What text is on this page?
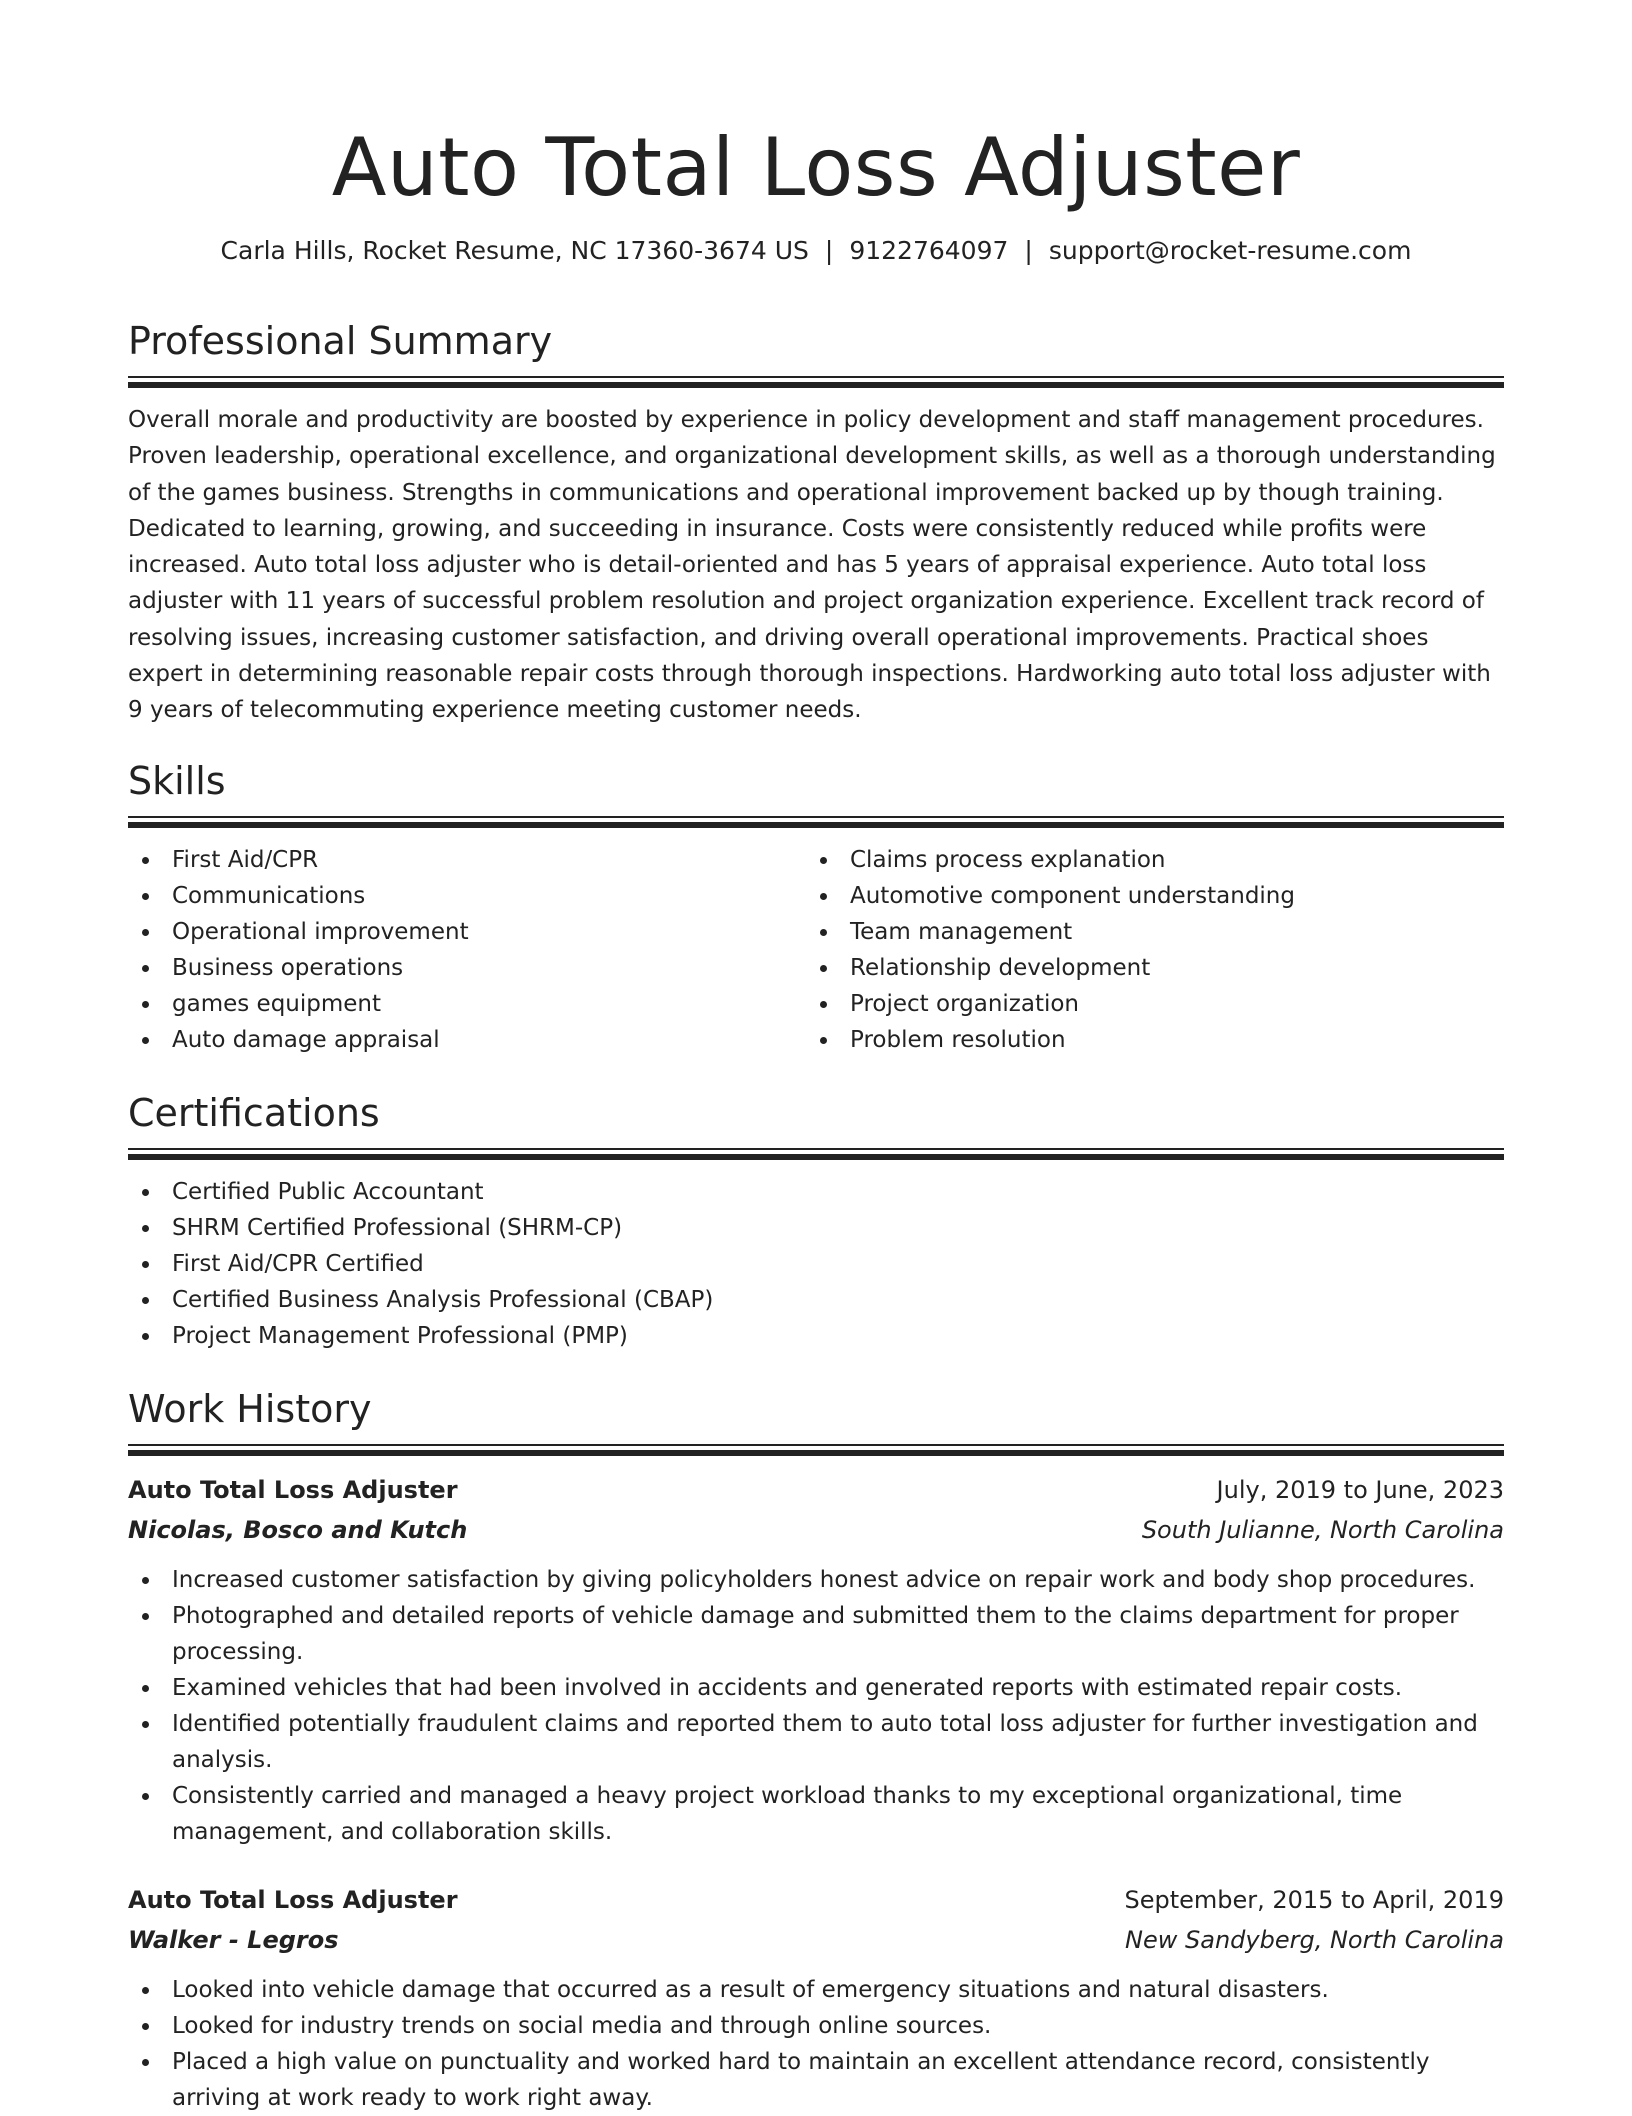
Auto Total Loss Adjuster
Carla Hills, Rocket Resume, NC 17360-3674 US | 9122764097 | support@rocket-resume.com
Professional Summary

Overall morale and productivity are boosted by experience in policy development and staff management procedures. Proven leadership, operational excellence, and organizational development skills, as well as a thorough understanding of the games business. Strengths in communications and operational improvement backed up by though training. Dedicated to learning, growing, and succeeding in insurance. Costs were consistently reduced while profits were increased. Auto total loss adjuster who is detail-oriented and has 5 years of appraisal experience. Auto total loss adjuster with 11 years of successful problem resolution and project organization experience. Excellent track record of resolving issues, increasing customer satisfaction, and driving overall operational improvements. Practical shoes expert in determining reasonable repair costs through thorough inspections. Hardworking auto total loss adjuster with 9 years of telecommuting experience meeting customer needs.

Skills
First Aid/CPR
Communications
Operational improvement
Business operations
games equipment
Auto damage appraisal
Claims process explanation
Automotive component understanding
Team management
Relationship development
Project organization
Problem resolution
Certifications
Certified Public Accountant
SHRM Certified Professional (SHRM-CP)
First Aid/CPR Certified
Certified Business Analysis Professional (CBAP)
Project Management Professional (PMP)
Work History
Auto Total Loss Adjuster	July, 2019 to June, 2023
Nicolas, Bosco and Kutch	South Julianne, North Carolina
Increased customer satisfaction by giving policyholders honest advice on repair work and body shop procedures.
Photographed and detailed reports of vehicle damage and submitted them to the claims department for proper processing.
Examined vehicles that had been involved in accidents and generated reports with estimated repair costs.
Identified potentially fraudulent claims and reported them to auto total loss adjuster for further investigation and analysis.
Consistently carried and managed a heavy project workload thanks to my exceptional organizational, time management, and collaboration skills.
Auto Total Loss Adjuster	September, 2015 to April, 2019
Walker - Legros	New Sandyberg, North Carolina
Looked into vehicle damage that occurred as a result of emergency situations and natural disasters.
Looked for industry trends on social media and through online sources.
Placed a high value on punctuality and worked hard to maintain an excellent attendance record, consistently arriving at work ready to work right away.
